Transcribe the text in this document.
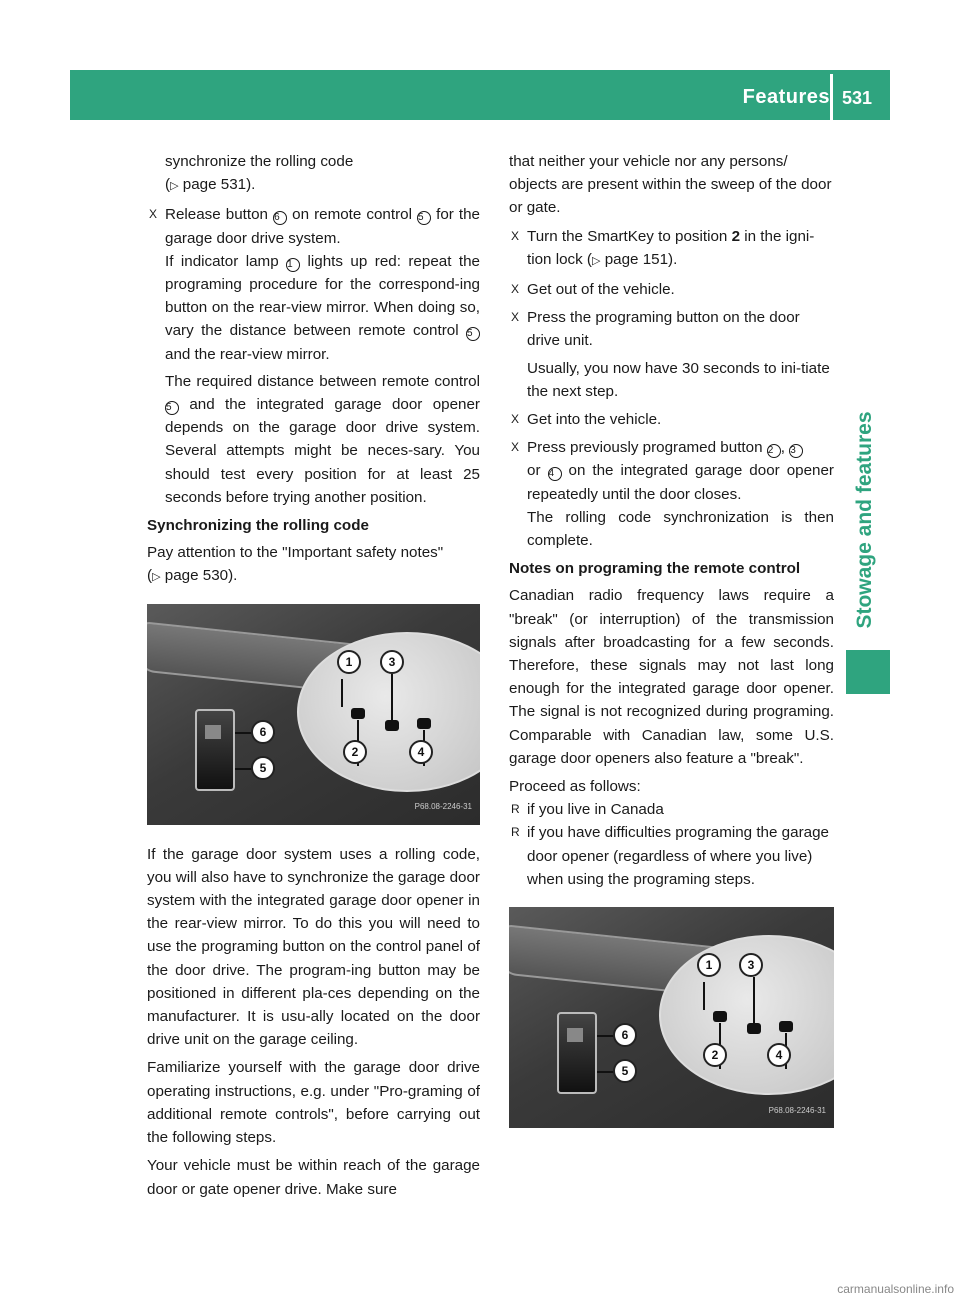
Features 531
Stowage and features
synchronize the rolling code
(▷ page 531).
X Release button 6 on remote control 5 for the garage door drive system.
If indicator lamp 1 lights up red: repeat the programing procedure for the correspond-ing button on the rear-view mirror. When doing so, vary the distance between remote control 5 and the rear-view mirror.
The required distance between remote control 5 and the integrated garage door opener depends on the garage door drive system. Several attempts might be neces-sary. You should test every position for at least 25 seconds before trying another position.
Synchronizing the rolling code
Pay attention to the "Important safety notes"
(▷ page 530).
1	3
2	4
6
5
P68.08-2246-31
If the garage door system uses a rolling code, you will also have to synchronize the garage door system with the integrated garage door opener in the rear-view mirror. To do this you will need to use the programing button on the control panel of the door drive. The program-ing button may be positioned in different pla-ces depending on the manufacturer. It is usu-ally located on the door drive unit on the garage ceiling.
Familiarize yourself with the garage door drive operating instructions, e.g. under "Pro-graming of additional remote controls", before carrying out the following steps.
Your vehicle must be within reach of the garage door or gate opener drive. Make sure
that neither your vehicle nor any persons/ objects are present within the sweep of the door or gate.
X Turn the SmartKey to position 2 in the igni-tion lock (▷ page 151).
X Get out of the vehicle.
X Press the programing button on the door drive unit.
Usually, you now have 30 seconds to ini-tiate the next step.
X Get into the vehicle.
X Press previously programed button 2 , 3
or 4 on the integrated garage door opener repeatedly until the door closes.
The rolling code synchronization is then complete.
Notes on programing the remote control
Canadian radio frequency laws require a "break" (or interruption) of the transmission signals after broadcasting for a few seconds. Therefore, these signals may not last long enough for the integrated garage door opener. The signal is not recognized during programing. Comparable with Canadian law, some U.S. garage door openers also feature a "break".
Proceed as follows:
R if you live in Canada
R if you have difficulties programing the garage door opener (regardless of where you live) when using the programing steps.
1	3
2	4
6
5
P68.08-2246-31
carmanualsonline.info
